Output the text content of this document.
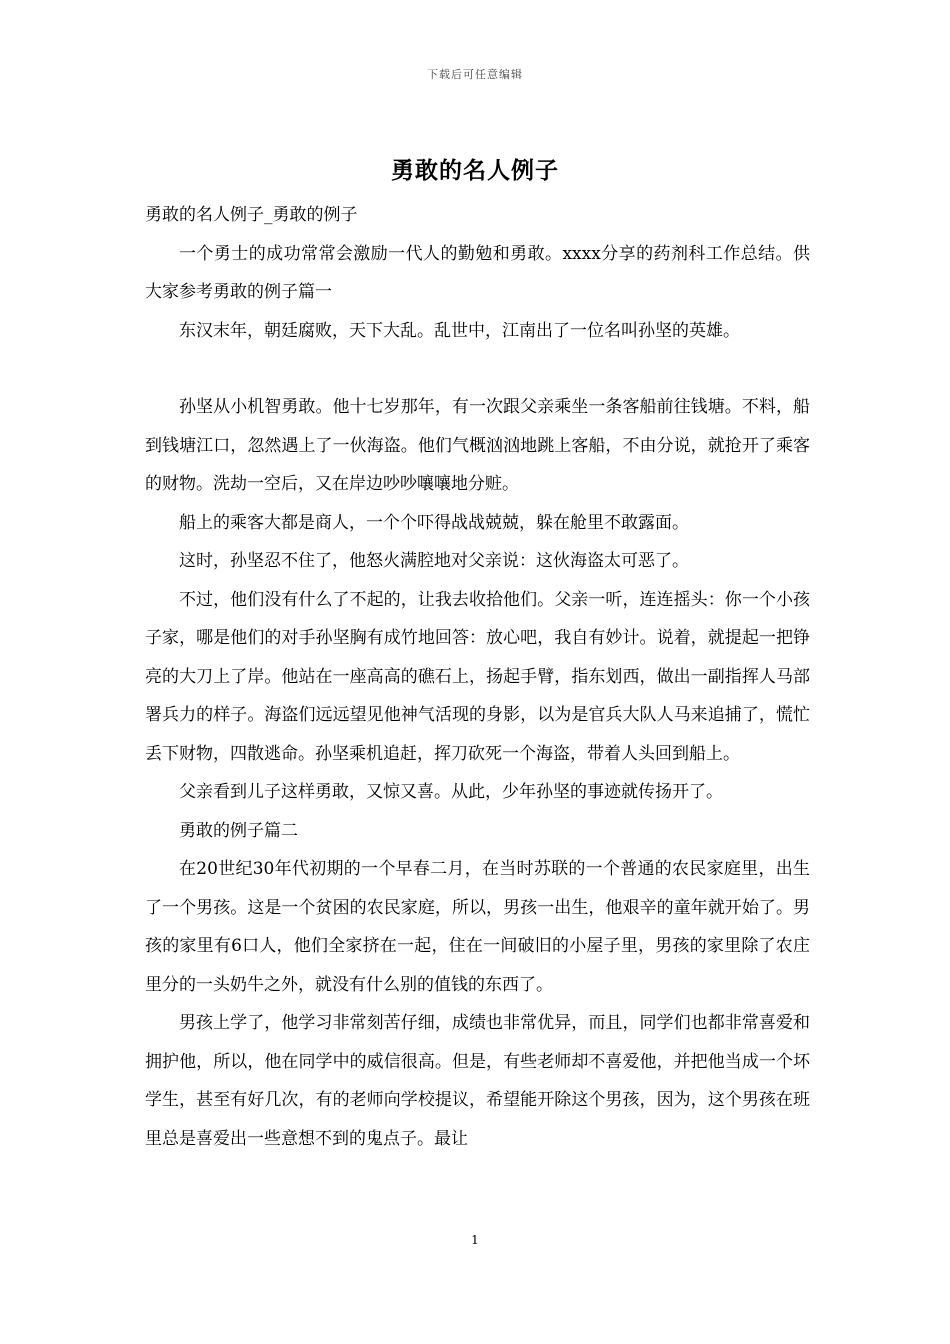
下载后可任意编辑
勇敢的名人例子

勇敢的名人例子_勇敢的例子

一个勇士的成功常常会激励一代人的勤勉和勇敢。xxxx分享的药剂科工作总结。供大家参考勇敢的例子篇一

东汉末年，朝廷腐败，天下大乱。乱世中，江南出了一位名叫孙坚的英雄。

孙坚从小机智勇敢。他十七岁那年，有一次跟父亲乘坐一条客船前往钱塘。不料，船到钱塘江口，忽然遇上了一伙海盗。他们气概汹汹地跳上客船，不由分说，就抢开了乘客的财物。洗劫一空后，又在岸边吵吵嚷嚷地分赃。

船上的乘客大都是商人，一个个吓得战战兢兢，躲在舱里不敢露面。

这时，孙坚忍不住了，他怒火满腔地对父亲说：这伙海盗太可恶了。

不过，他们没有什么了不起的，让我去收拾他们。父亲一听，连连摇头：你一个小孩子家，哪是他们的对手孙坚胸有成竹地回答：放心吧，我自有妙计。说着，就提起一把铮亮的大刀上了岸。他站在一座高高的礁石上，扬起手臂，指东划西，做出一副指挥人马部署兵力的样子。海盗们远远望见他神气活现的身影，以为是官兵大队人马来追捕了，慌忙丢下财物，四散逃命。孙坚乘机追赶，挥刀砍死一个海盗，带着人头回到船上。

父亲看到儿子这样勇敢，又惊又喜。从此，少年孙坚的事迹就传扬开了。

勇敢的例子篇二

在20世纪30年代初期的一个早春二月，在当时苏联的一个普通的农民家庭里，出生了一个男孩。这是一个贫困的农民家庭，所以，男孩一出生，他艰辛的童年就开始了。男孩的家里有6口人，他们全家挤在一起，住在一间破旧的小屋子里，男孩的家里除了农庄里分的一头奶牛之外，就没有什么别的值钱的东西了。

男孩上学了，他学习非常刻苦仔细，成绩也非常优异，而且，同学们也都非常喜爱和拥护他，所以，他在同学中的威信很高。但是，有些老师却不喜爱他，并把他当成一个坏学生，甚至有好几次，有的老师向学校提议，希望能开除这个男孩，因为，这个男孩在班里总是喜爱出一些意想不到的鬼点子。最让

1
